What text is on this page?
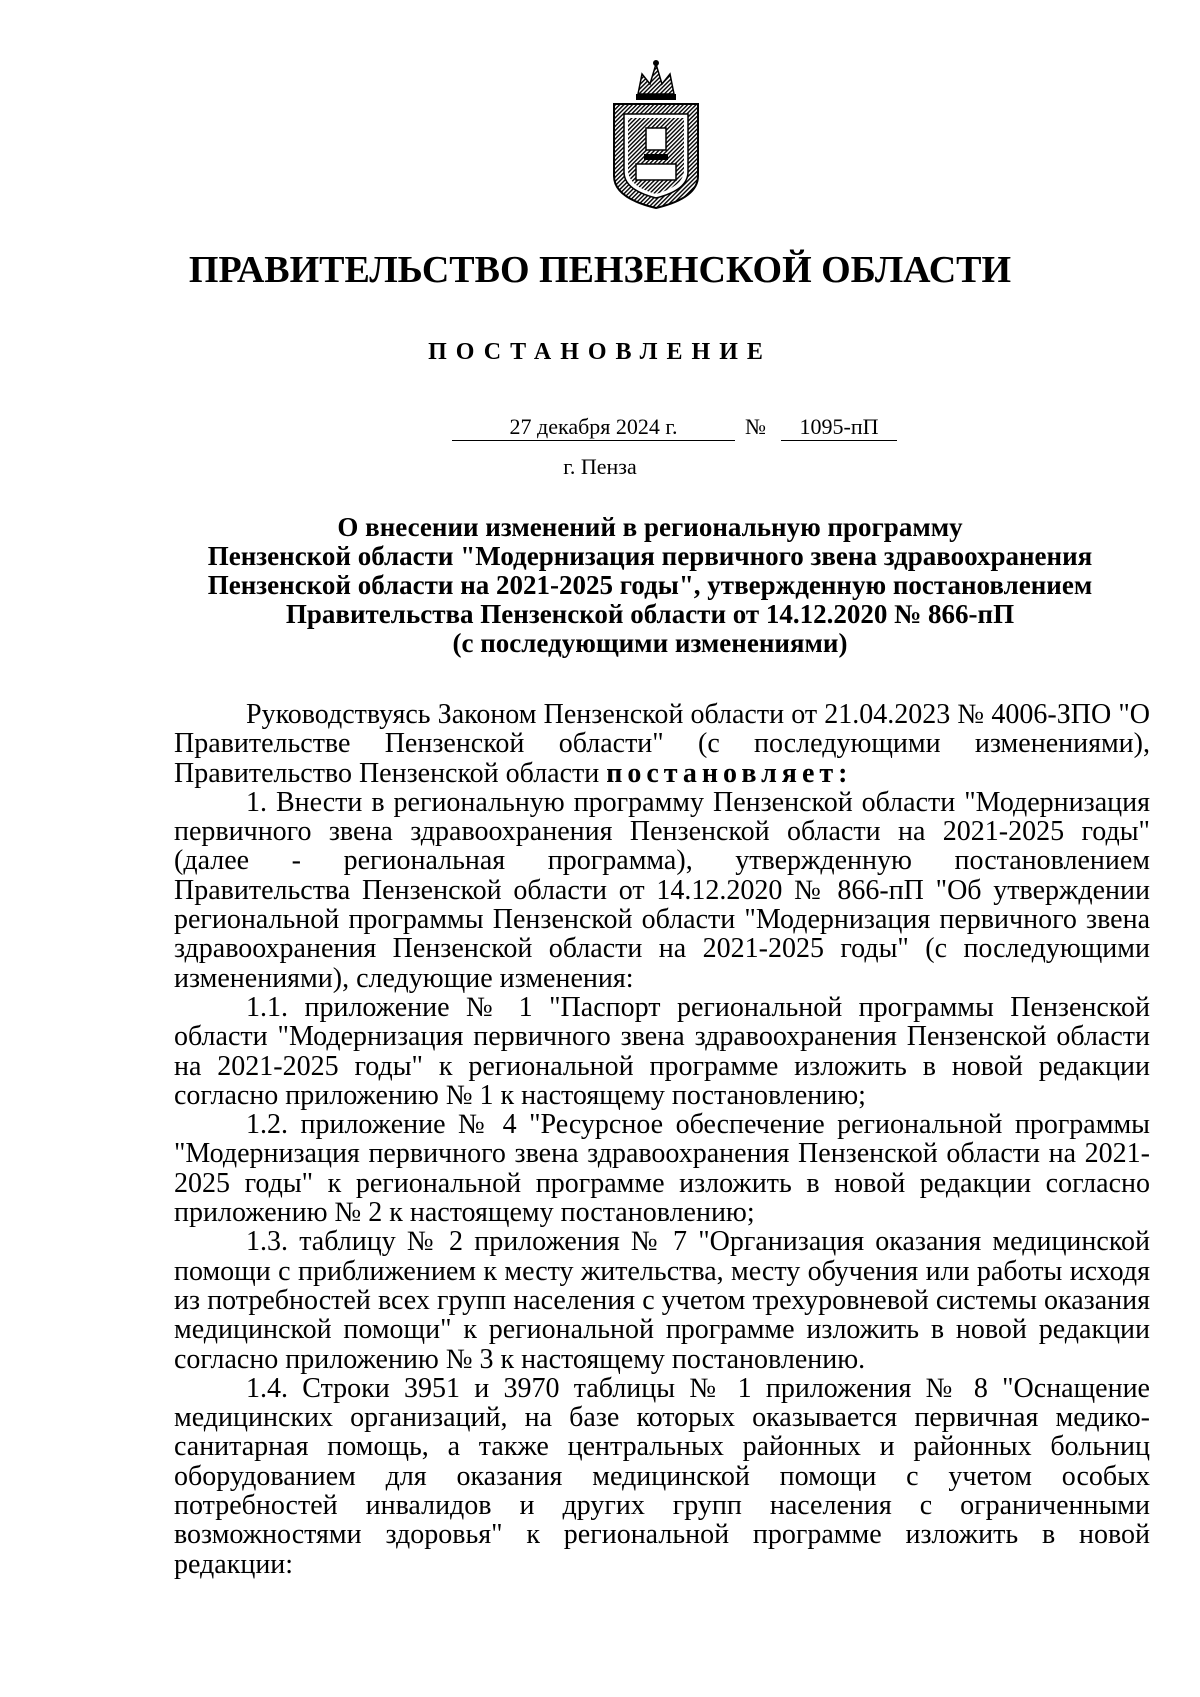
ПРАВИТЕЛЬСТВО ПЕНЗЕНСКОЙ ОБЛАСТИ
ПОСТАНОВЛЕНИЕ
27 декабря 2024 г.	№	1095-пП
г. Пенза
О внесении изменений в региональную программу
Пензенской области "Модернизация первичного звена здравоохранения
Пензенской области на 2021-2025 годы", утвержденную постановлением
Правительства Пензенской области от 14.12.2020 № 866-пП
(с последующими изменениями)

Руководствуясь Законом Пензенской области от 21.04.2023 № 4006-ЗПО "О Правительстве Пензенской области" (с последующими изменениями), Правительство Пензенской области постановляет:

1. Внести в региональную программу Пензенской области "Модернизация первичного звена здравоохранения Пензенской области на 2021-2025 годы" (далее - региональная программа), утвержденную постановлением Правительства Пензенской области от 14.12.2020 № 866-пП "Об утверждении региональной программы Пензенской области "Модернизация первичного звена здравоохранения Пензенской области на 2021-2025 годы" (с последующими изменениями), следующие изменения:

1.1. приложение № 1 "Паспорт региональной программы Пензенской области "Модернизация первичного звена здравоохранения Пензенской области на 2021-2025 годы" к региональной программе изложить в новой редакции согласно приложению № 1 к настоящему постановлению;

1.2. приложение № 4 "Ресурсное обеспечение региональной программы "Модернизация первичного звена здравоохранения Пензенской области на 2021-2025 годы" к региональной программе изложить в новой редакции согласно приложению № 2 к настоящему постановлению;

1.3. таблицу № 2 приложения № 7 "Организация оказания медицинской помощи с приближением к месту жительства, месту обучения или работы исходя из потребностей всех групп населения с учетом трехуровневой системы оказания медицинской помощи" к региональной программе изложить в новой редакции согласно приложению № 3 к настоящему постановлению.

1.4. Строки 3951 и 3970 таблицы № 1 приложения № 8 "Оснащение медицинских организаций, на базе которых оказывается первичная медико-санитарная помощь, а также центральных районных и районных больниц оборудованием для оказания медицинской помощи с учетом особых потребностей инвалидов и других групп населения с ограниченными возможностями здоровья" к региональной программе изложить в новой редакции:
